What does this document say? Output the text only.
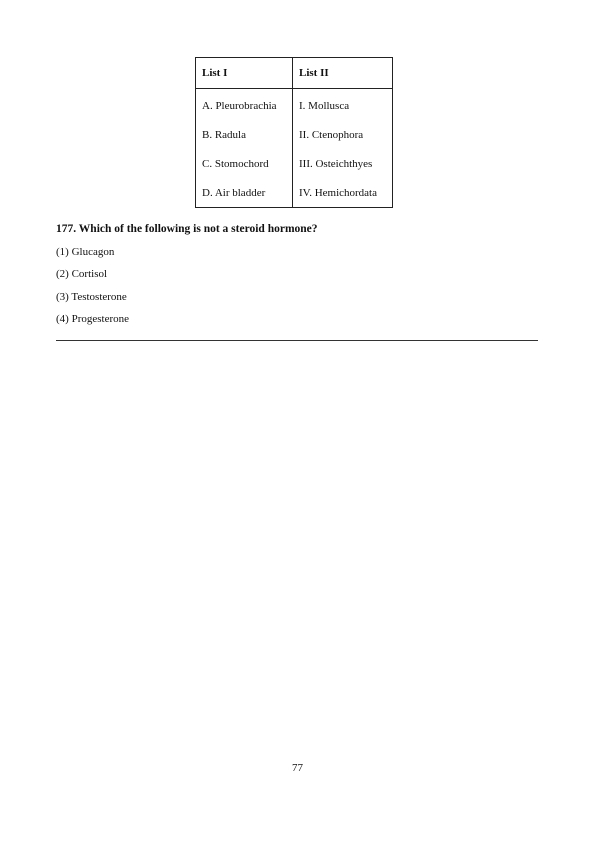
List I	List II
A. Pleurobrachia	I. Mollusca
B. Radula	II. Ctenophora
C. Stomochord	III. Osteichthyes
D. Air bladder	IV. Hemichordata
177. Which of the following is not a steroid hormone?
(1) Glucagon
(2) Cortisol
(3) Testosterone
(4) Progesterone
77
